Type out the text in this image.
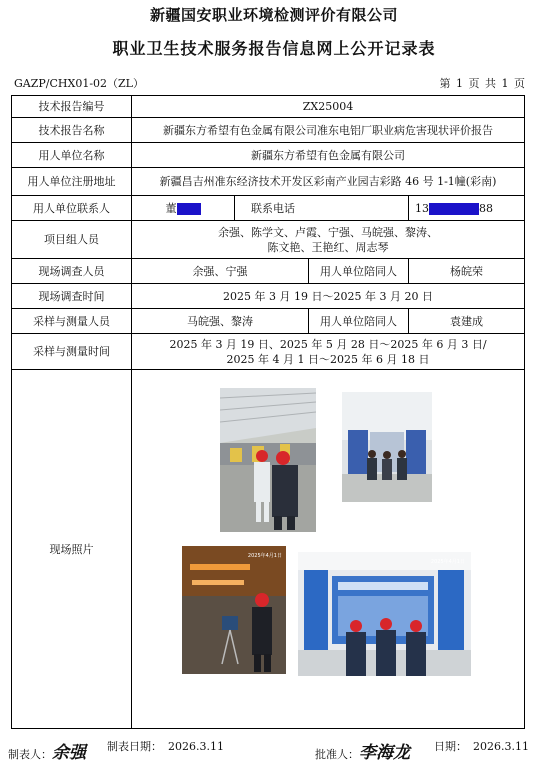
新疆国安职业环境检测评价有限公司
职业卫生技术服务报告信息网上公开记录表
GAZP/CHX01-02（ZL）	第 1 页 共 1 页
技术报告编号	ZX25004			
技术报告名称	新疆东方希望有色金属有限公司准东电铝厂职业病危害现状评价报告			
用人单位名称	新疆东方希望有色金属有限公司			
用人单位注册地址	新疆昌吉州准东经济技术开发区彩南产业园吉彩路 46 号 1-1幢(彩南)			
用人单位联系人	董	联系电话		13 88
项目组人员	余强、陈学文、卢霞、宁强、马皖强、黎涛、
陈文艳、王艳红、周志琴			

现场调查人员	余强、宁强		用人单位陪同人	杨皖荣
现场调查时间	2025 年 3 月 19 日～2025 年 3 月 20 日			
采样与测量人员	马皖强、黎涛		用人单位陪同人	袁建成
采样与测量时间	2025 年 3 月 19 日、2025 年 5 月 28 日～2025 年 6 月 3 日/
2025 年 4 月 1 日～2025 年 6 月 18 日			

现场照片	2025年4月1日
2025年4月1日			
制表人：余强 制表日期： 2026.3.11
批准人：李海龙 日期： 2026.3.11
